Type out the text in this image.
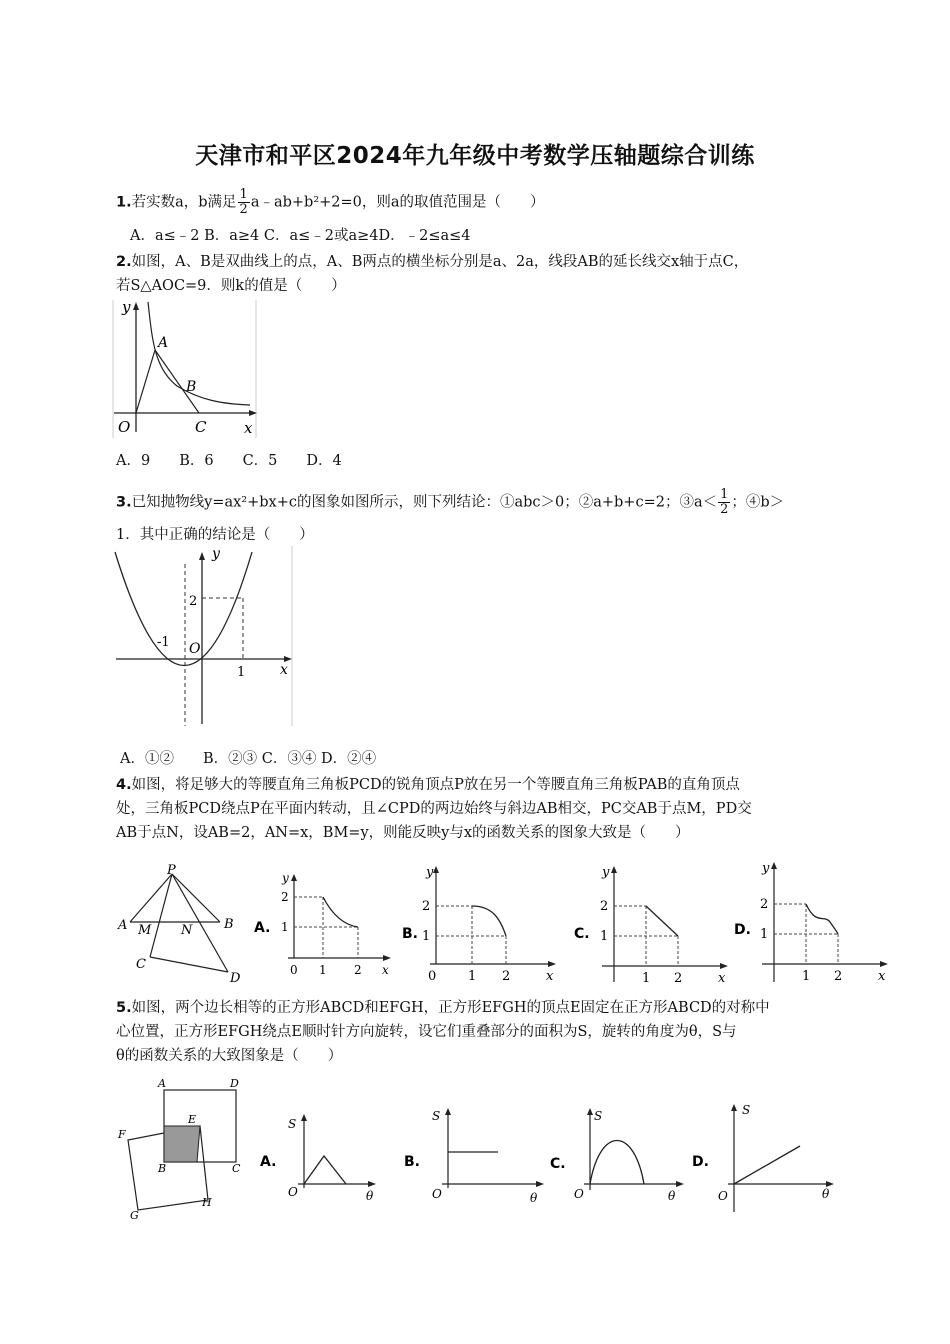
天津市和平区2024年九年级中考数学压轴题综合训练
1.若实数a，b满足 $\frac{1}{2}$ a﹣ab+b²+2=0，则a的取值范围是（　　）
A．a≤﹣2 B．a≥4 C．a≤﹣2或a≥4D．﹣2≤a≤4
2.如图，A、B是双曲线上的点，A、B两点的横坐标分别是a、2a，线段AB的延长线交x轴于点C，
若S△AOC=9．则k的值是（　　）
y
x
O
A
B
C
A．9　　B．6　　C．5　　D．4
3.已知抛物线y=ax²+bx+c的图象如图所示，则下列结论：①abc＞0；②a+b+c=2；③a＜ $\frac{1}{2}$ ；④b＞
1．其中正确的结论是（　　）
y
x
O
-1
1
2
A．①②　　B．②③ C．③④ D．②④
4.如图，将足够大的等腰直角三角板PCD的锐角顶点P放在另一个等腰直角三角板PAB的直角顶点
处，三角板PCD绕点P在平面内转动，且∠CPD的两边始终与斜边AB相交，PC交AB于点M，PD交
AB于点N，设AB=2，AN=x，BM=y，则能反映y与x的函数关系的图象大致是（　　）
P
A	B
M N
C
D
A.
y
x
0 1 2
1
2
B.
y
x
0 1 2
1
2
C.
y
x
1 2
1
2
D.
y
x
1 2
1
2
5.如图，两个边长相等的正方形ABCD和EFGH，正方形EFGH的顶点E固定在正方形ABCD的对称中
心位置，正方形EFGH绕点E顺时针方向旋转，设它们重叠部分的面积为S，旋转的角度为θ，S与
θ的函数关系的大致图象是（　　）
A	D
E
F
B	C
G
H
A.
S
O	θ
B.
S
O	θ
C.
S
O	θ
D.
S
O	θ
